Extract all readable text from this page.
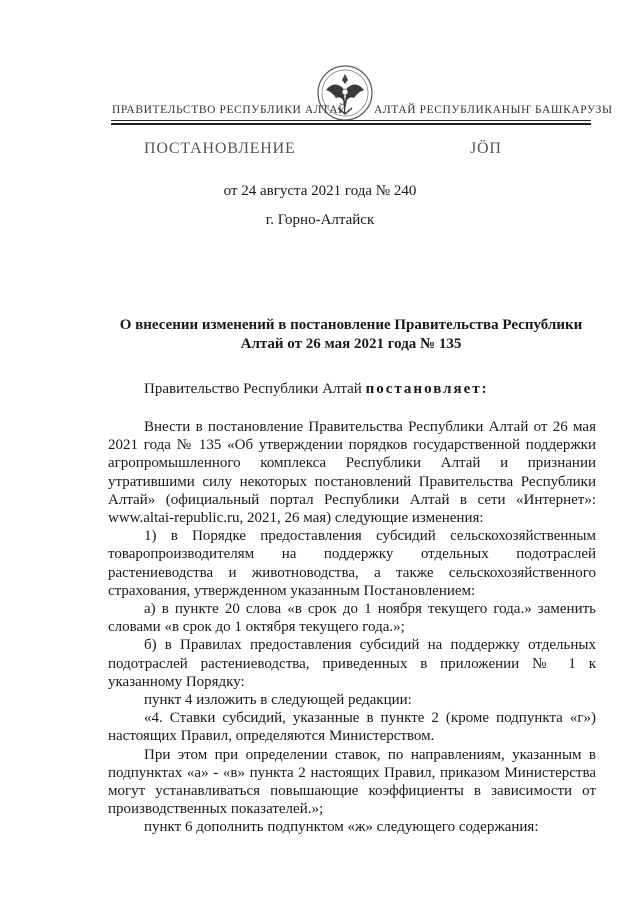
ПРАВИТЕЛЬСТВО РЕСПУБЛИКИ АЛТАЙ АЛТАЙ РЕСПУБЛИКАНЫҤ БАШКАРУЗЫ
ПОСТАНОВЛЕНИЕ	ЈӦП
от 24 августа 2021 года № 240
г. Горно-Алтайск
О внесении изменений в постановление Правительства Республики Алтай от 26 мая 2021 года № 135
Правительство Республики Алтай постановляет:

Внести в постановление Правительства Республики Алтай от 26 мая 2021 года № 135 «Об утверждении порядков государственной поддержки агропромышленного комплекса Республики Алтай и признании утратившими силу некоторых постановлений Правительства Республики Алтай» (официальный портал Республики Алтай в сети «Интернет»: www.altai-republic.ru, 2021, 26 мая) следующие изменения:

1) в Порядке предоставления субсидий сельскохозяйственным товаропроизводителям на поддержку отдельных подотраслей растениеводства и животноводства, а также сельскохозяйственного страхования, утвержденном указанным Постановлением:

а) в пункте 20 слова «в срок до 1 ноября текущего года.» заменить словами «в срок до 1 октября текущего года.»;

б) в Правилах предоставления субсидий на поддержку отдельных подотраслей растениеводства, приведенных в приложении № 1 к указанному Порядку:

пункт 4 изложить в следующей редакции:

«4. Ставки субсидий, указанные в пункте 2 (кроме подпункта «г») настоящих Правил, определяются Министерством.

При этом при определении ставок, по направлениям, указанным в подпунктах «а» - «в» пункта 2 настоящих Правил, приказом Министерства могут устанавливаться повышающие коэффициенты в зависимости от производственных показателей.»;

пункт 6 дополнить подпунктом «ж» следующего содержания:
